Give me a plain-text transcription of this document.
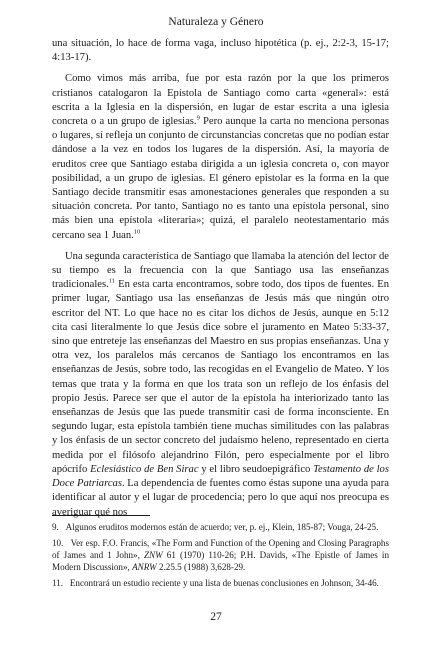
Naturaleza y Género

una situación, lo hace de forma vaga, incluso hipotética (p. ej., 2:2-3, 15-17; 4:13-17).

Como vimos más arriba, fue por esta razón por la que los primeros cristianos catalogaron la Epístola de Santiago como carta «general»: está escrita a la Iglesia en la dispersión, en lugar de estar escrita a una iglesia concreta o a un grupo de iglesias.$^9$ Pero aunque la carta no menciona personas o lugares, sí refleja un conjunto de circunstancias concretas que no podían estar dándose a la vez en todos los lugares de la dispersión. Así, la mayoría de eruditos cree que Santiago estaba dirigida a un iglesia concreta o, con mayor posibilidad, a un grupo de iglesias. El género epistolar es la forma en la que Santiago decide transmitir esas amonestaciones generales que responden a su situación concreta. Por tanto, Santiago no es tanto una epístola personal, sino más bien una epístola «literaria»; quizá, el paralelo neotestamentario más cercano sea 1 Juan.$^{10}$

Una segunda característica de Santiago que llamaba la atención del lector de su tiempo es la frecuencia con la que Santiago usa las enseñanzas tradicionales.$^{11}$ En esta carta encontramos, sobre todo, dos tipos de fuentes. En primer lugar, Santiago usa las enseñanzas de Jesús más que ningún otro escritor del NT. Lo que hace no es citar los dichos de Jesús, aunque en 5:12 cita casi literalmente lo que Jesús dice sobre el juramento en Mateo 5:33-37, sino que entreteje las enseñanzas del Maestro en sus propias enseñanzas. Una y otra vez, los paralelos más cercanos de Santiago los encontramos en las enseñanzas de Jesús, sobre todo, las recogidas en el Evangelio de Mateo. Y los temas que trata y la forma en que los trata son un reflejo de los énfasis del propio Jesús. Parece ser que el autor de la epístola ha interiorizado tanto las enseñanzas de Jesús que las puede transmitir casi de forma inconsciente. En segundo lugar, esta epístola también tiene muchas similitudes con las palabras y los énfasis de un sector concreto del judaísmo heleno, representado en cierta medida por el filósofo alejandrino Filón, pero especialmente por el libro apócrifo Eclesiástico de Ben Sirac y el libro seudoepigráfico Testamento de los Doce Patriarcas. La dependencia de fuentes como éstas supone una ayuda para identificar al autor y el lugar de procedencia; pero lo que aquí nos preocupa es averiguar qué nos

9.   Algunos eruditos modernos están de acuerdo; ver, p. ej., Klein, 185-87; Vouga, 24-25.

10.   Ver esp. F.O. Francis, «The Form and Function of the Opening and Closing Paragraphs of James and 1 John», ZNW 61 (1970) 110-26; P.H. Davids, «The Epistle of James in Modern Discussion», ANRW 2.25.5 (1988) 3,628-29.

11.   Encontrará un estudio reciente y una lista de buenas conclusiones en Johnson, 34-46.

27
